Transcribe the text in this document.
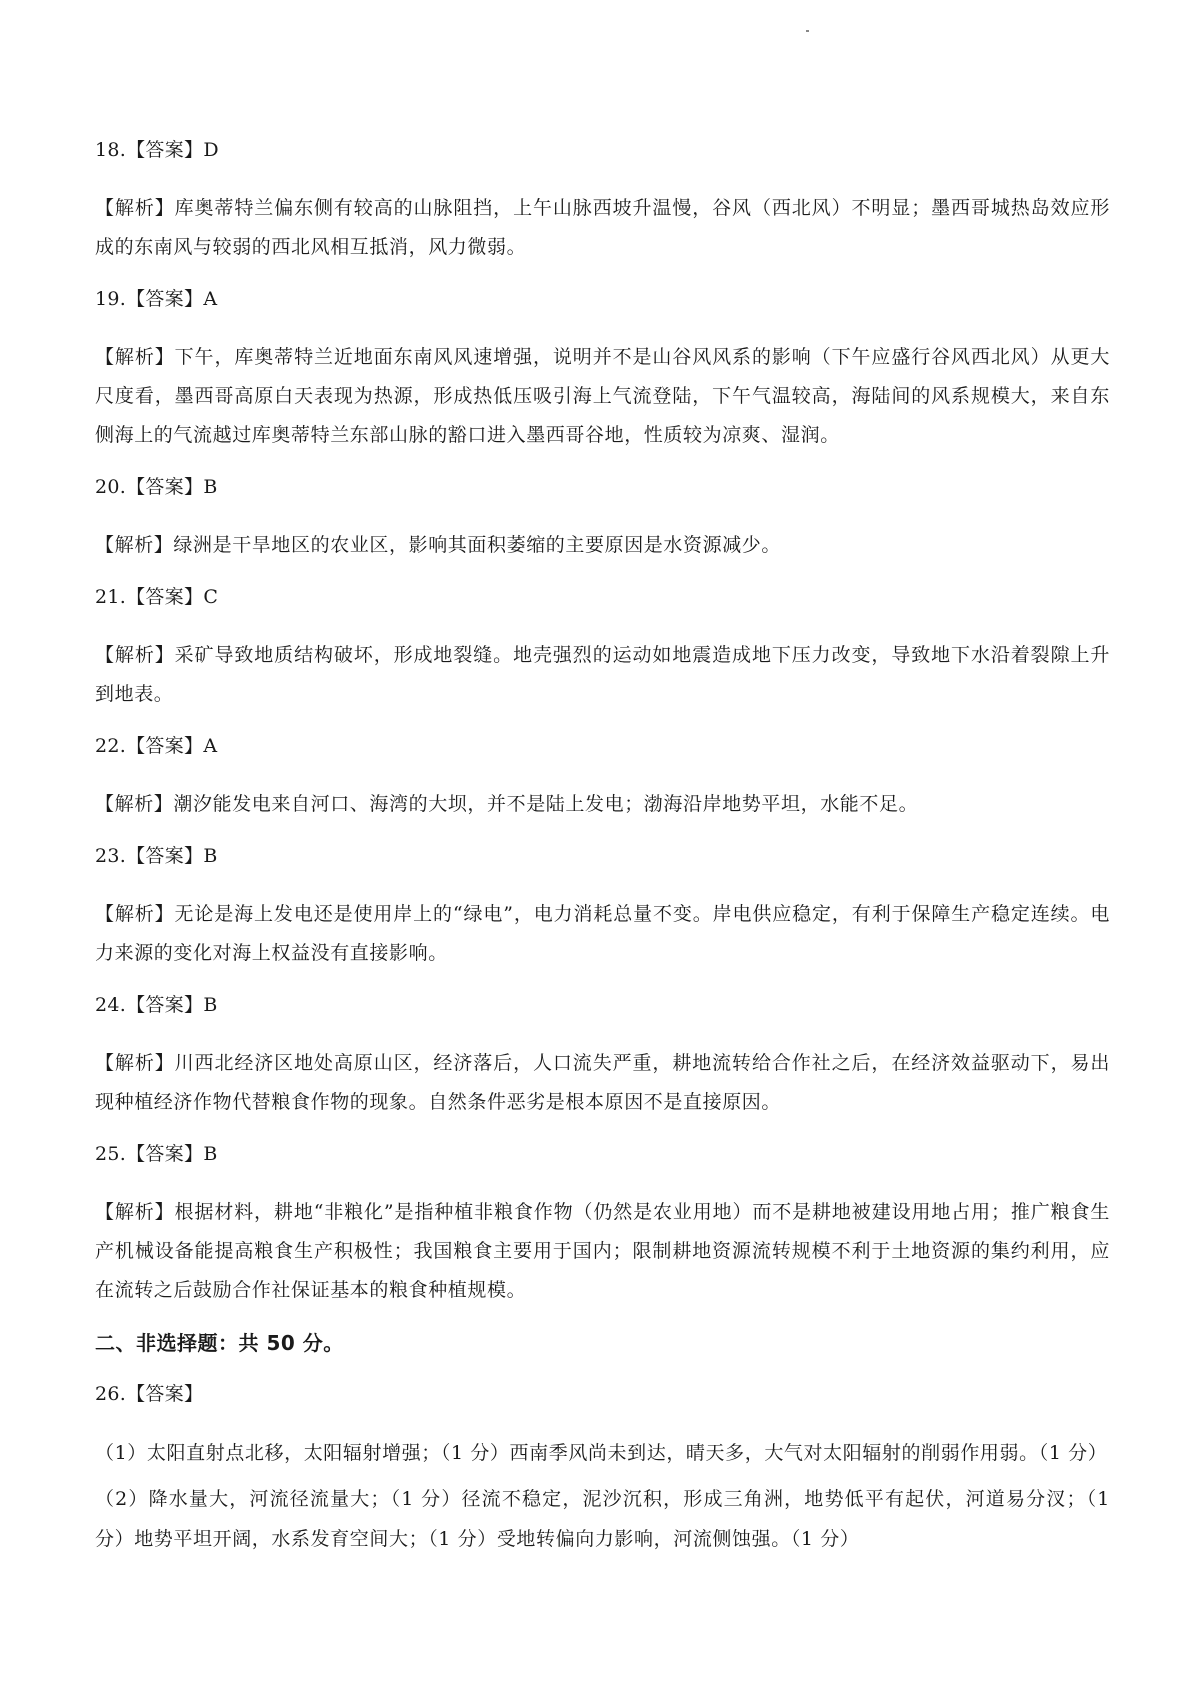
18.【答案】D
【解析】库奥蒂特兰偏东侧有较高的山脉阻挡，上午山脉西坡升温慢，谷风（西北风）不明显；墨西哥城热岛效应形成的东南风与较弱的西北风相互抵消，风力微弱。
19.【答案】A
【解析】下午，库奥蒂特兰近地面东南风风速增强，说明并不是山谷风风系的影响（下午应盛行谷风西北风）从更大尺度看，墨西哥高原白天表现为热源，形成热低压吸引海上气流登陆，下午气温较高，海陆间的风系规模大，来自东侧海上的气流越过库奥蒂特兰东部山脉的豁口进入墨西哥谷地，性质较为凉爽、湿润。
20.【答案】B
【解析】绿洲是干旱地区的农业区，影响其面积萎缩的主要原因是水资源减少。
21.【答案】C
【解析】采矿导致地质结构破坏，形成地裂缝。地壳强烈的运动如地震造成地下压力改变，导致地下水沿着裂隙上升到地表。
22.【答案】A
【解析】潮汐能发电来自河口、海湾的大坝，并不是陆上发电；渤海沿岸地势平坦，水能不足。
23.【答案】B
【解析】无论是海上发电还是使用岸上的“绿电”，电力消耗总量不变。岸电供应稳定，有利于保障生产稳定连续。电力来源的变化对海上权益没有直接影响。
24.【答案】B
【解析】川西北经济区地处高原山区，经济落后，人口流失严重，耕地流转给合作社之后，在经济效益驱动下，易出现种植经济作物代替粮食作物的现象。自然条件恶劣是根本原因不是直接原因。
25.【答案】B
【解析】根据材料，耕地“非粮化”是指种植非粮食作物（仍然是农业用地）而不是耕地被建设用地占用；推广粮食生产机械设备能提高粮食生产积极性；我国粮食主要用于国内；限制耕地资源流转规模不利于土地资源的集约利用，应在流转之后鼓励合作社保证基本的粮食种植规模。
二、非选择题：共 50 分。
26.【答案】
（1）太阳直射点北移，太阳辐射增强；（1 分）西南季风尚未到达，晴天多，大气对太阳辐射的削弱作用弱。（1 分）
（2）降水量大，河流径流量大；（1 分）径流不稳定，泥沙沉积，形成三角洲，地势低平有起伏，河道易分汊；（1 分）地势平坦开阔，水系发育空间大；（1 分）受地转偏向力影响，河流侧蚀强。（1 分）
